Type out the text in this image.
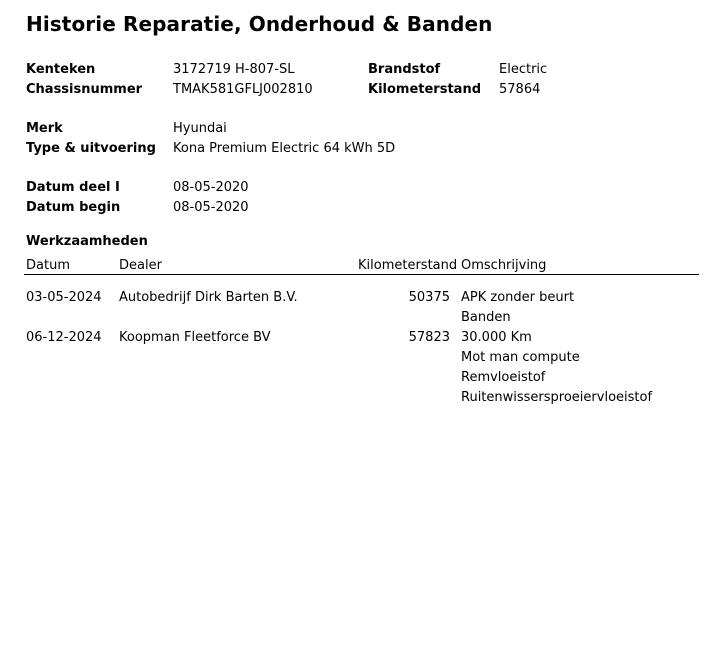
Historie Reparatie, Onderhoud & Banden
Kenteken	3172719 H-807-SL	Brandstof	Electric
Chassisnummer TMAK581GFLJ002810	Kilometerstand 57864
Merk	Hyundai
Type & uitvoering Kona Premium Electric 64 kWh 5D
Datum deel I	08-05-2020
Datum begin	08-05-2020
Werkzaamheden
Datum	Dealer	Kilometerstand Omschrijving
03-05-2024 Autobedrijf Dirk Barten B.V.	50375 APK zonder beurt
Banden
06-12-2024 Koopman Fleetforce BV	57823 30.000 Km
Mot man compute
Remvloeistof
Ruitenwissersproeiervloeistof
